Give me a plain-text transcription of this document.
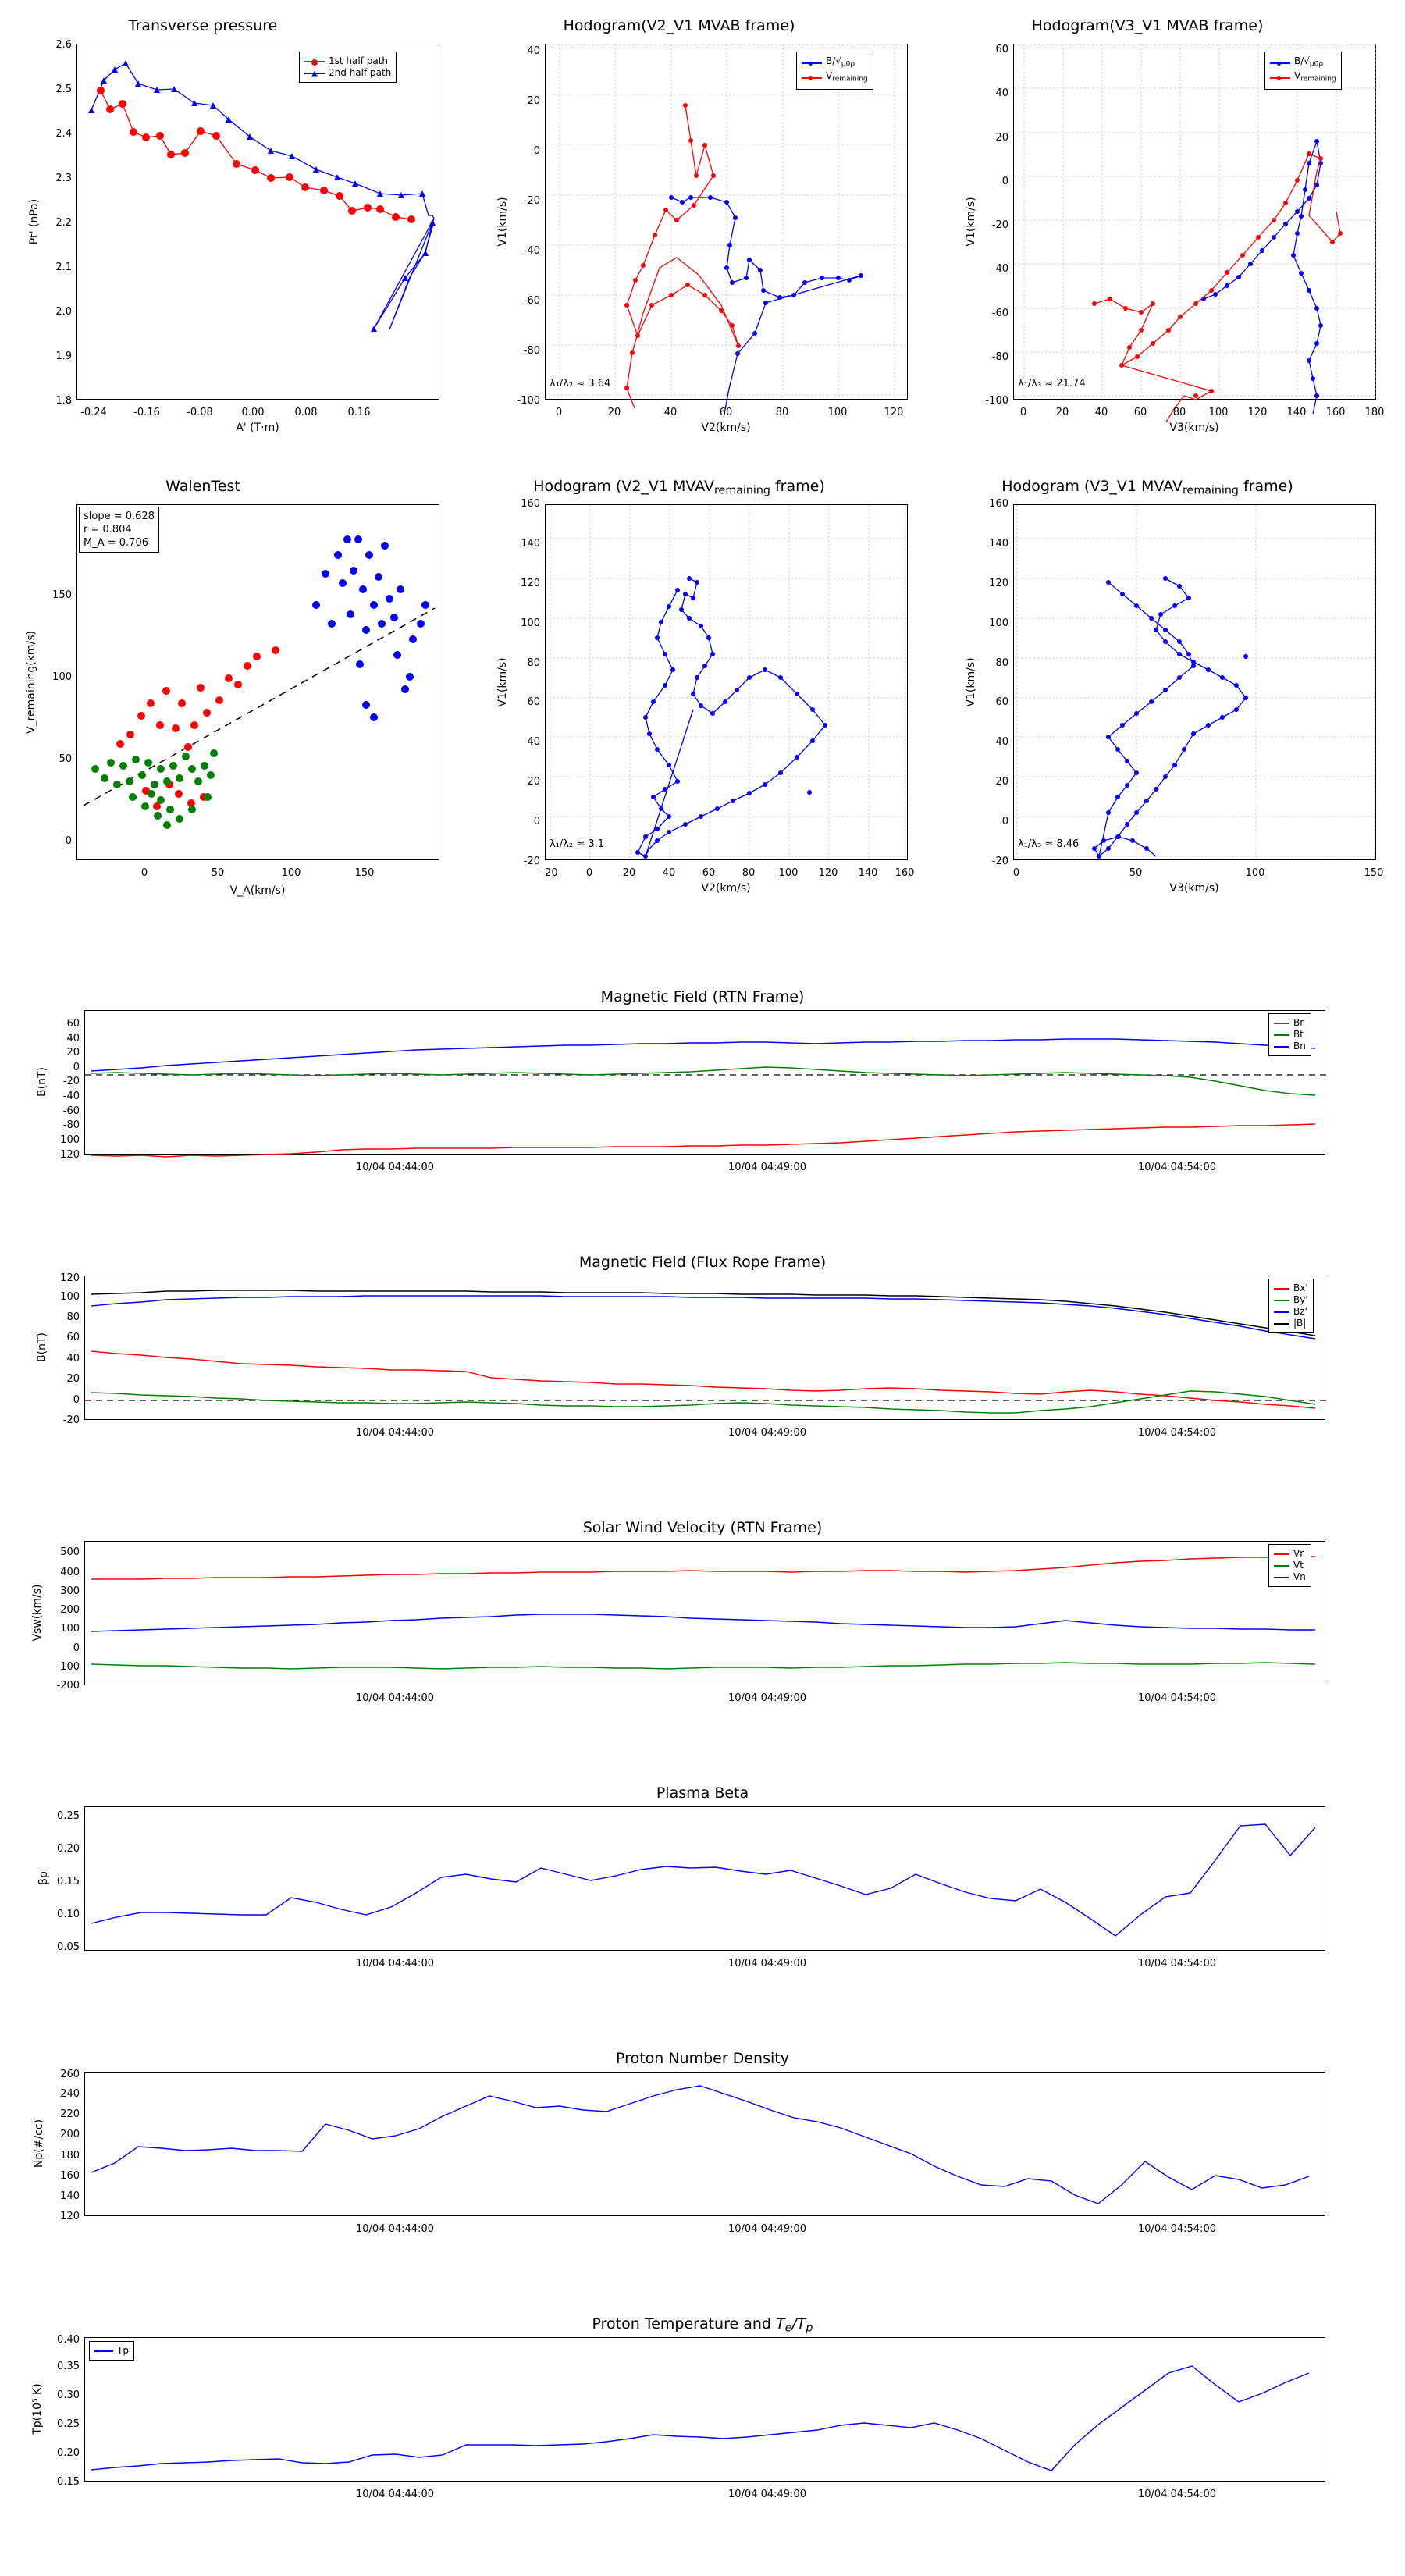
Transverse pressure
1.8
1.9
2.0
2.1
2.2
2.3
2.4
2.5
2.6
-0.24	-0.16	-0.08	0.00	0.08	0.16
A' (T·m)
Pt' (nPa)
1st half path
2nd half path
Hodogram(V2_V1 MVAB frame)
-100
-80
-60
-40
-20
0
20
40
0	20	40	60	80	100	120
V2(km/s)
V1(km/s)
$B/√_{\mu 0\rho}$
$V_{remaining}$
λ₁/λ₂ ≈ 3.64
Hodogram(V3_V1 MVAB frame)
-100
-80
-60
-40
-20
0
20
40
60
0	20	40	60	80 100 120 140 160 180
V3(km/s)
V1(km/s)
$B/√_{\mu 0\rho}$
$V_{remaining}$
λ₁/λ₃ ≈ 21.74
WalenTest
0
50
100
150
0	50	100	150
V_A(km/s)
V_remaining(km/s)
slope = 0.628
r = 0.804
M_A = 0.706
Hodogram (V2_V1 $MVAV_{remaining}$ frame)
-20
0
20
40
60
80
100
120
140
160
-20	0	20	40	60	80 100 120 140 160
V2(km/s)
V1(km/s)
λ₁/λ₂ ≈ 3.1
Hodogram (V3_V1 $MVAV_{remaining}$ frame)
-20
0
20
40
60
80
100
120
140
160
0	50	100	150
V3(km/s)
V1(km/s)
λ₁/λ₃ ≈ 8.46
Magnetic Field (RTN Frame)
-120
-100
-80
-60
-40
-20
0
20
40
60
10/04 04:44:00	10/04 04:49:00	10/04 04:54:00
B(nT)
Br
Bt
Bn
Magnetic Field (Flux Rope Frame)
-20
0
20
40
60
80
100
120
10/04 04:44:00	10/04 04:49:00	10/04 04:54:00
B(nT)
Bx'
By'
Bz'
|B|
Solar Wind Velocity (RTN Frame)
-200
-100
0
100
200
300
400
500
10/04 04:44:00	10/04 04:49:00	10/04 04:54:00
Vsw(km/s)
Vr
Vt
Vn
Plasma Beta
0.05
0.10
0.15
0.20
0.25
10/04 04:44:00	10/04 04:49:00	10/04 04:54:00
βp
Proton Number Density
120
140
160
180
200
220
240
260
10/04 04:44:00	10/04 04:49:00	10/04 04:54:00
Np(#/cc)
Proton Temperature and $T_e/T_p$
0.15
0.20
0.25
0.30
0.35
0.40
10/04 04:44:00	10/04 04:49:00	10/04 04:54:00
Tp(10⁵ K)
Tp
